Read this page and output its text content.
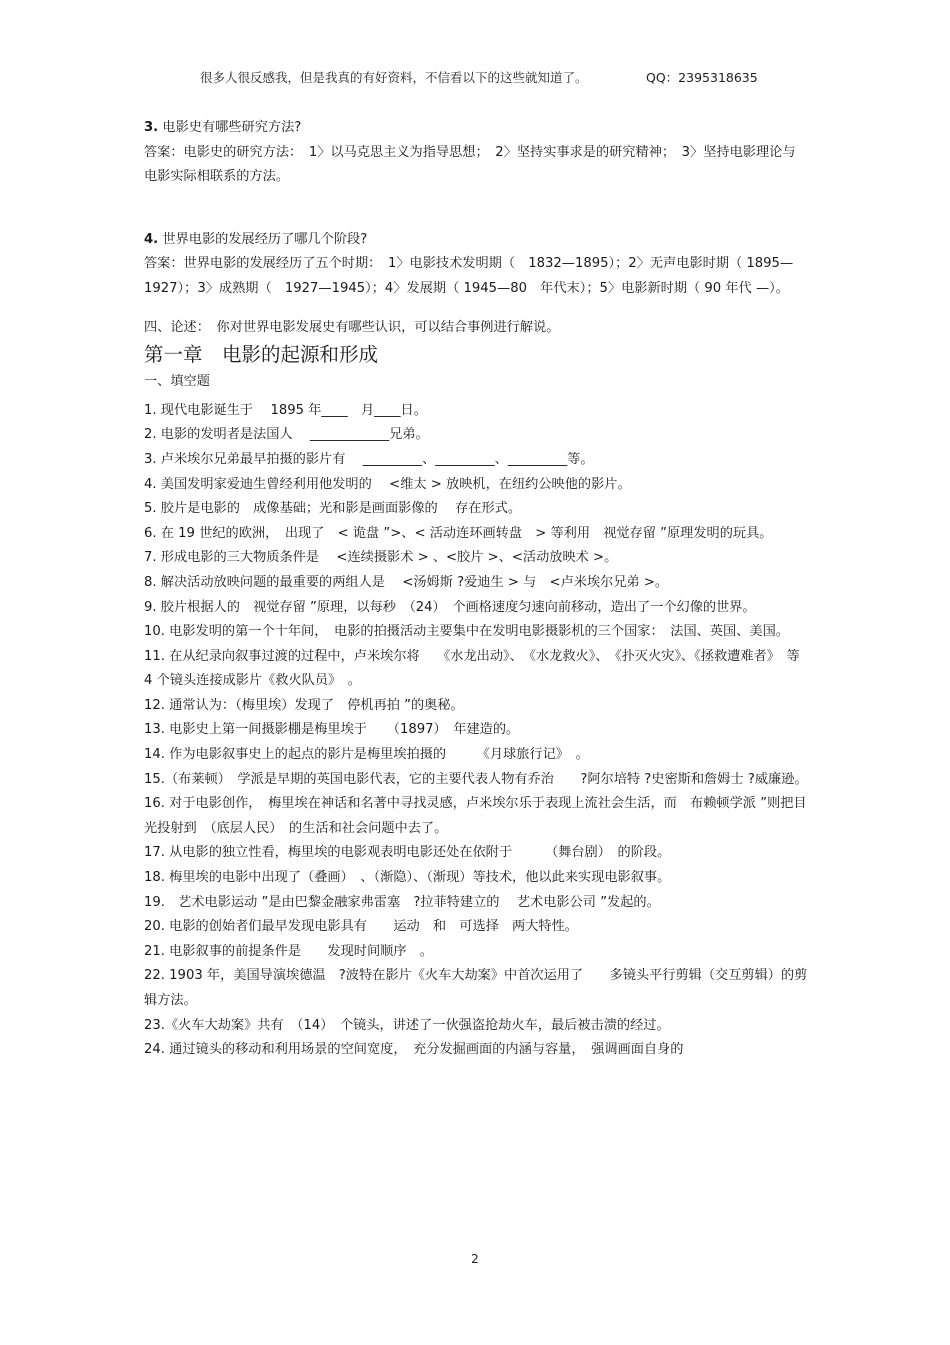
很多人很反感我，但是我真的有好资料，不信看以下的这些就知道了。	QQ：2395318635

3. 电影史有哪些研究方法?

答案：电影史的研究方法：　1〉以马克思主义为指导思想；　2〉坚持实事求是的研究精神；　3〉坚持电影理论与电影实际相联系的方法。

4. 世界电影的发展经历了哪几个阶段?

答案：世界电影的发展经历了五个时期：　1〉电影技术发明期（　1832—1895）；2〉无声电影时期（ 1895—1927）；3〉成熟期（　1927—1945）；4〉发展期（ 1945—80　年代末）；5〉电影新时期（ 90 年代 —）。

四、论述：　你对世界电影发展史有哪些认识，可以结合事例进行解说。

第一章　电影的起源和形成

一、填空题

1. 现代电影诞生于　 1895 年____　月____日。

2. 电影的发明者是法国人　 ____________兄弟。

3. 卢米埃尔兄弟最早拍摄的影片有　 _________、_________、_________等。

4. 美国发明家爱迪生曾经利用他发明的　 <维太 > 放映机，在纽约公映他的影片。

5. 胶片是电影的　成像基础；光和影是画面影像的　 存在形式。

6. 在 19 世纪的欧洲，　出现了　< 诡盘 ”>、< 活动连环画转盘　> 等利用　视觉存留 ”原理发明的玩具。

7. 形成电影的三大物质条件是　 <连续摄影术 > 、<胶片 >、<活动放映术 >。

8. 解决活动放映问题的最重要的两组人是　 <汤姆斯 ?爱迪生 > 与　<卢米埃尔兄弟 >。

9. 胶片根据人的　视觉存留 ”原理，以每秒　（24）　个画格速度匀速向前移动，造出了一个幻像的世界。

10. 电影发明的第一个十年间，　电影的拍摄活动主要集中在发明电影摄影机的三个国家：　法国、英国、美国。

11. 在从纪录向叙事过渡的过程中，卢米埃尔将　 《水龙出动》、　《水龙救火》、　《扑灭火灾》、《拯救遭难者》　等 4 个镜头连接成影片《救火队员》　。

12. 通常认为：（梅里埃）发现了　停机再拍 ”的奥秘。

13. 电影史上第一间摄影棚是梅里埃于　　（1897）　年建造的。

14. 作为电影叙事史上的起点的影片是梅里埃拍摄的　　 《月球旅行记》　。

15.（布莱顿）　学派是早期的英国电影代表，它的主要代表人物有乔治　　?阿尔培特 ?史密斯和詹姆士 ?威廉逊。

16. 对于电影创作，　梅里埃在神话和名著中寻找灵感，卢米埃尔乐于表现上流社会生活，而　布赖顿学派 ”则把目光投射到　（底层人民）　的生活和社会问题中去了。

17. 从电影的独立性看，梅里埃的电影观表明电影还处在依附于　　　（舞台剧）　的阶段。

18. 梅里埃的电影中出现了（叠画）　、（渐隐）、（渐现）等技术，他以此来实现电影叙事。

19.　艺术电影运动 ”是由巴黎金融家弗雷塞　?拉菲特建立的　 艺术电影公司 ”发起的。

20. 电影的创始者们最早发现电影具有　　运动　和　可选择　两大特性。

21. 电影叙事的前提条件是　　发现时间顺序　。

22. 1903 年，美国导演埃德温　?波特在影片《火车大劫案》中首次运用了　　多镜头平行剪辑（交互剪辑）的剪辑方法。

23.《火车大劫案》共有　（14）　个镜头，讲述了一伙强盗抢劫火车，最后被击溃的经过。

24. 通过镜头的移动和利用场景的空间宽度，　充分发掘画面的内涵与容量，　强调画面自身的

2
